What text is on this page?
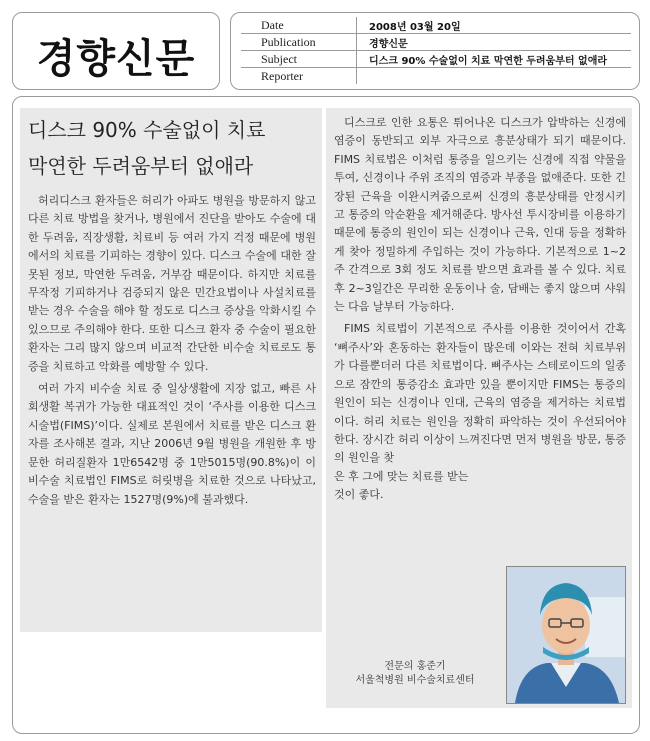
경향신문
Date	2008년 03월 20일
Publication	경향신문
Subject	디스크 90% 수술없이 치료 막연한 두려움부터 없애라
Reporter
디스크 90% 수술없이 치료
막연한 두려움부터 없애라

허리디스크 환자들은 허리가 아파도 병원을 방문하지 않고 다른 치료 방법을 찾거나, 병원에서 진단을 받아도 수술에 대한 두려움, 직장생활, 치료비 등 여러 가지 걱정 때문에 병원에서의 치료를 기피하는 경향이 있다. 디스크 수술에 대한 잘못된 정보, 막연한 두려움, 거부감 때문이다. 하지만 치료를 무작정 기피하거나 검증되지 않은 민간요법이나 사설치료를 받는 경우 수술을 해야 할 정도로 디스크 증상을 악화시킬 수 있으므로 주의해야 한다. 또한 디스크 환자 중 수술이 필요한 환자는 그리 많지 않으며 비교적 간단한 비수술 치료로도 통증을 치료하고 악화를 예방할 수 있다.

여러 가지 비수술 치료 중 일상생활에 지장 없고, 빠른 사회생활 복귀가 가능한 대표적인 것이 ‘주사를 이용한 디스크 시술법(FIMS)’이다. 실제로 본원에서 치료를 받은 디스크 환자를 조사해본 결과, 지난 2006년 9월 병원을 개원한 후 방문한 허리질환자 1만6542명 중 1만5015명(90.8%)이 이 비수술 치료법인 FIMS로 허릿병을 치료한 것으로 나타났고, 수술을 받은 환자는 1527명(9%)에 불과했다.

디스크로 인한 요통은 튀어나온 디스크가 압박하는 신경에 염증이 동반되고 외부 자극으로 흥분상태가 되기 때문이다. FIMS 치료법은 이처럼 통증을 일으키는 신경에 직접 약물을 투여, 신경이나 주위 조직의 염증과 부종을 없애준다. 또한 긴장된 근육을 이완시켜줌으로써 신경의 흥분상태를 안정시키고 통증의 악순환을 제거해준다. 방사선 투시장비를 이용하기 때문에 통증의 원인이 되는 신경이나 근육, 인대 등을 정확하게 찾아 정밀하게 주입하는 것이 가능하다. 기본적으로 1~2주 간격으로 3회 정도 치료를 받으면 효과를 볼 수 있다. 치료 후 2~3일간은 무리한 운동이나 술, 담배는 좋지 않으며 샤워는 다음 날부터 가능하다.

FIMS 치료법이 기본적으로 주사를 이용한 것이어서 간혹 ‘뼈주사’와 혼동하는 환자들이 많은데 이와는 전혀 치료부위가 다를뿐더러 다른 치료법이다. 뼈주사는 스테로이드의 일종으로 잠깐의 통증감소 효과만 있을 뿐이지만 FIMS는 통증의 원인이 되는 신경이나 인대, 근육의 염증을 제거하는 치료법이다. 허리 치료는 원인을 정확히 파악하는 것이 우선되어야 한다. 장시간 허리 이상이 느껴진다면 먼저 병원을 방문, 통증의 원인을 찾

은 후 그에 맞는 치료를 받는

것이 좋다.

전문의 홍준기
서울척병원 비수술치료센터
